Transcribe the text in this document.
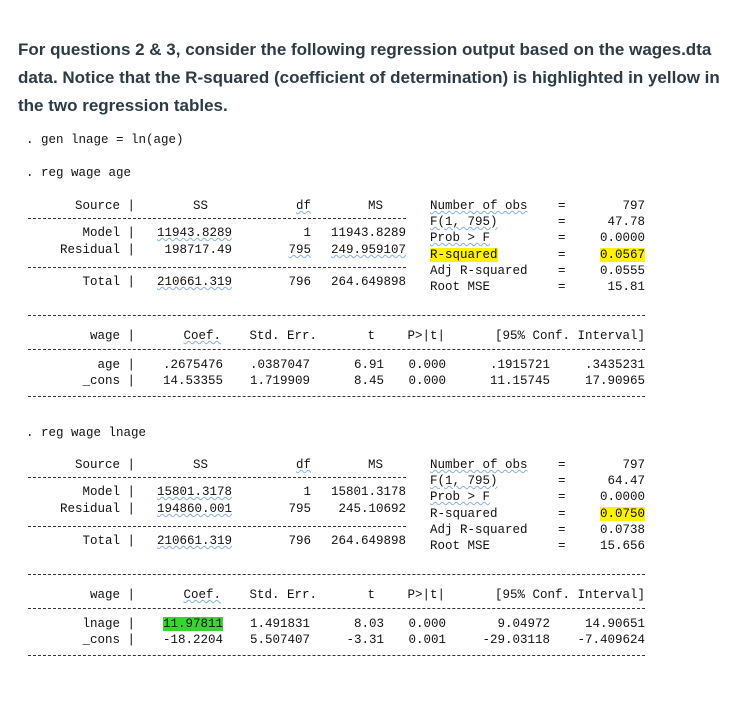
For questions 2 & 3, consider the following regression output based on the wages.dta data. Notice that the R-squared (coefficient of determination) is highlighted in yellow in the two regression tables.
. gen lnage = ln(age)
. reg wage age
Source |	SS	df	MS
Model | 11943.8289	1 11943.8289
Residual | 198717.49	795 249.959107
Total | 210661.319	796 264.649898
Number of obs =	797
F(1, 795)	=	47.78
Prob > F	=	0.0000
R-squared	=	0.0567
Adj R-squared =	0.0555
Root MSE	=	15.81
wage |	Coef. Std. Err.	t	P>|t|	[95% Conf. Interval]
age | .2675476 .0387047	6.91 0.000	.1915721	.3435231
_cons | 14.53355 1.719909	8.45 0.000	11.15745	17.90965
. reg wage lnage
Source |	SS	df	MS
Model | 15801.3178	1 15801.3178
Residual | 194860.001	795 245.10692
Total | 210661.319	796 264.649898
Number of obs =	797
F(1, 795)	=	64.47
Prob > F	=	0.0000
R-squared	=	0.0750
Adj R-squared =	0.0738
Root MSE	=	15.656
wage |	Coef. Std. Err.	t	P>|t|	[95% Conf. Interval]
lnage | 11.97811 1.491831	8.03 0.000	9.04972	14.90651
_cons | -18.2204 5.507407	-3.31 0.001	-29.03118 -7.409624
